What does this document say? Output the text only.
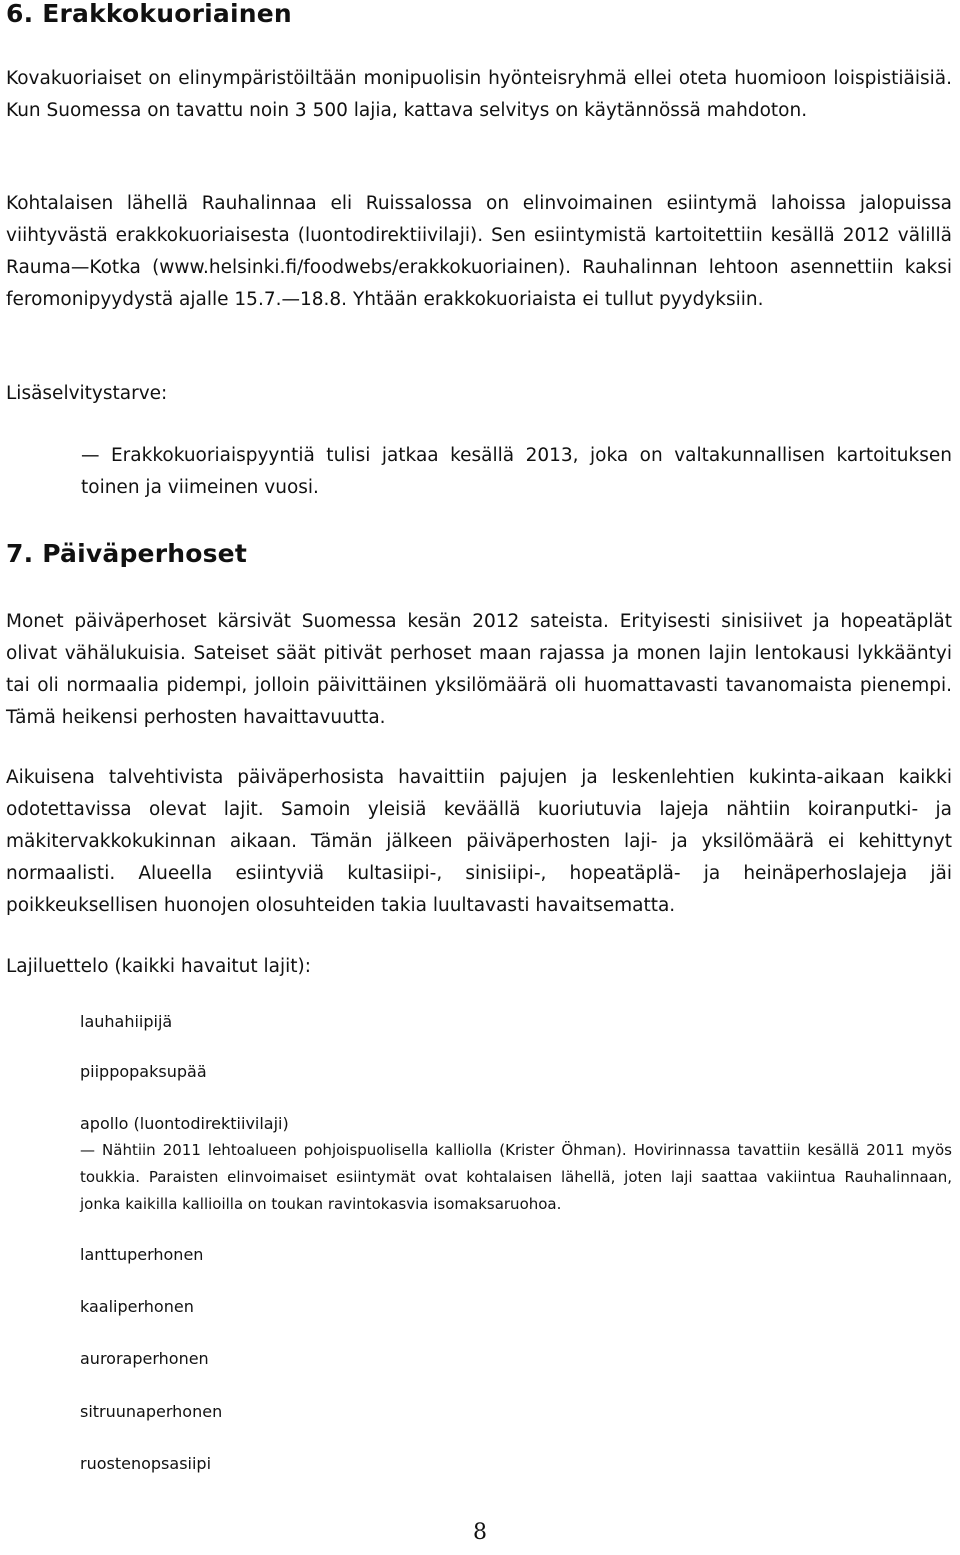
6. Erakkokuoriainen

Kovakuoriaiset on elinympäristöiltään monipuolisin hyönteisryhmä ellei oteta huomioon loispistiäisiä. Kun Suomessa on tavattu noin 3 500 lajia, kattava selvitys on käytännössä mahdoton.

Kohtalaisen lähellä Rauhalinnaa eli Ruissalossa on elinvoimainen esiintymä lahoissa jalopuissa viihtyvästä erakkokuoriaisesta (luontodirektiivilaji). Sen esiintymistä kartoitettiin kesällä 2012 välillä Rauma—Kotka (www.helsinki.fi/foodwebs/erakkokuoriainen). Rauhalinnan lehtoon asennettiin kaksi feromonipyydystä ajalle 15.7.—18.8. Yhtään erakkokuoriaista ei tullut pyydyksiin.

Lisäselvitystarve:

— Erakkokuoriaispyyntiä tulisi jatkaa kesällä 2013, joka on valtakunnallisen kartoituksen toinen ja viimeinen vuosi.

7. Päiväperhoset

Monet päiväperhoset kärsivät Suomessa kesän 2012 sateista. Erityisesti sinisiivet ja hopeatäplät olivat vähälukuisia. Sateiset säät pitivät perhoset maan rajassa ja monen lajin lentokausi lykkääntyi tai oli normaalia pidempi, jolloin päivittäinen yksilömäärä oli huomattavasti tavanomaista pienempi. Tämä heikensi perhosten havaittavuutta.

Aikuisena talvehtivista päiväperhosista havaittiin pajujen ja leskenlehtien kukinta-aikaan kaikki odotettavissa olevat lajit. Samoin yleisiä keväällä kuoriutuvia lajeja nähtiin koiranputki- ja mäkitervakkokukinnan aikaan. Tämän jälkeen päiväperhosten laji- ja yksilömäärä ei kehittynyt normaalisti. Alueella esiintyviä kultasiipi-, sinisiipi-, hopeatäplä- ja heinäperhoslajeja jäi poikkeuksellisen huonojen olosuhteiden takia luultavasti havaitsematta.

Lajiluettelo (kaikki havaitut lajit):

lauhahiipijä

piippopaksupää

apollo (luontodirektiivilaji)

— Nähtiin 2011 lehtoalueen pohjoispuolisella kalliolla (Krister Öhman). Hovirinnassa tavattiin kesällä 2011 myös toukkia. Paraisten elinvoimaiset esiintymät ovat kohtalaisen lähellä, joten laji saattaa vakiintua Rauhalinnaan, jonka kaikilla kallioilla on toukan ravintokasvia isomaksaruohoa.

lanttuperhonen

kaaliperhonen

auroraperhonen

sitruunaperhonen

ruostenopsasiipi

8
